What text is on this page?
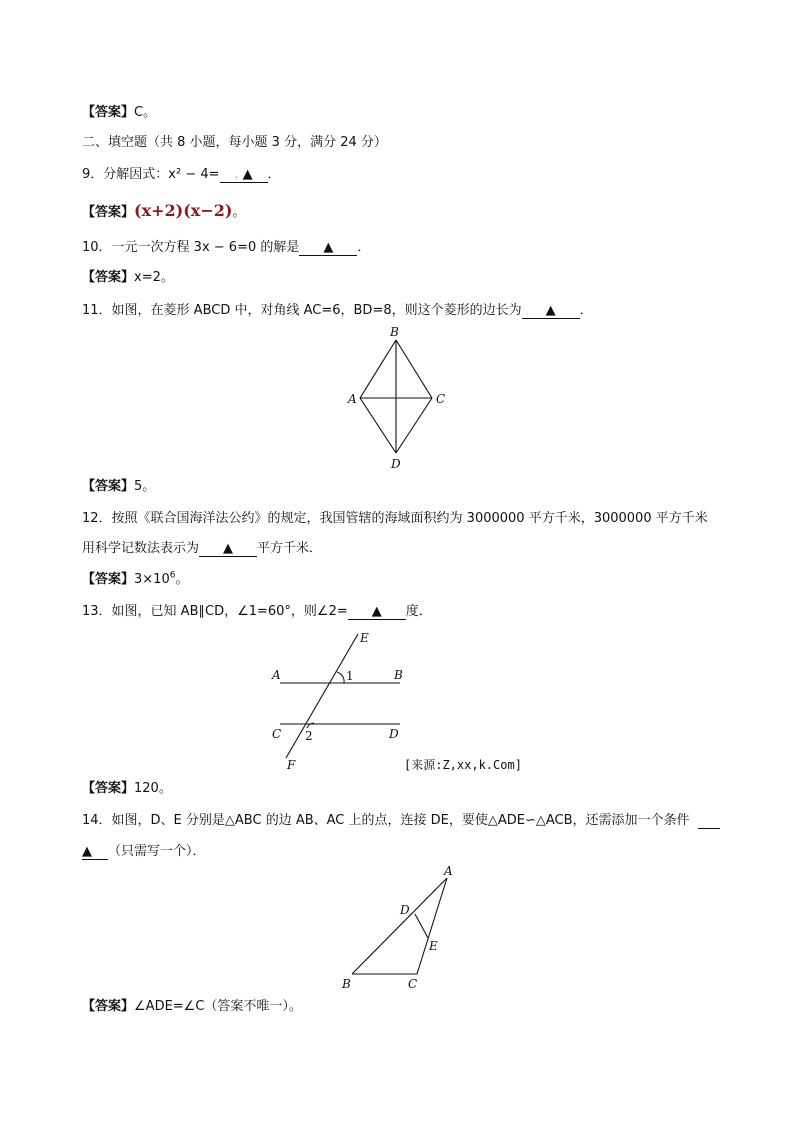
【答案】C。
二、填空题（共 8 小题，每小题 3 分，满分 24 分）
9．分解因式：x² − 4= . ▲ ．
【答案】(x+2)(x−2)。
10．一元一次方程 3x − 6=0 的解是 ▲ ．
【答案】x=2。
11．如图，在菱形 ABCD 中，对角线 AC=6，BD=8，则这个菱形的边长为 ▲ ．
B
A	C
D
【答案】5。
12．按照《联合国海洋法公约》的规定，我国管辖的海域面积约为 3000000 平方千米，3000000 平方千米
用科学记数法表示为 ▲ 平方千米．
【答案】$3\times 10^6$。
13．如图，已知 AB∥CD，∠1=60°，则∠2= ▲ 度．
E
A	B
1
C	D
2
F	[来源:Z,xx,k.Com]
【答案】120。
14．如图，D、E 分别是△ABC 的边 AB、AC 上的点，连接 DE，要使△ADE∽△ACB，还需添加一个条件
▲ （只需写一个）．
A
D
E
B	C
【答案】∠ADE=∠C（答案不唯一）。
